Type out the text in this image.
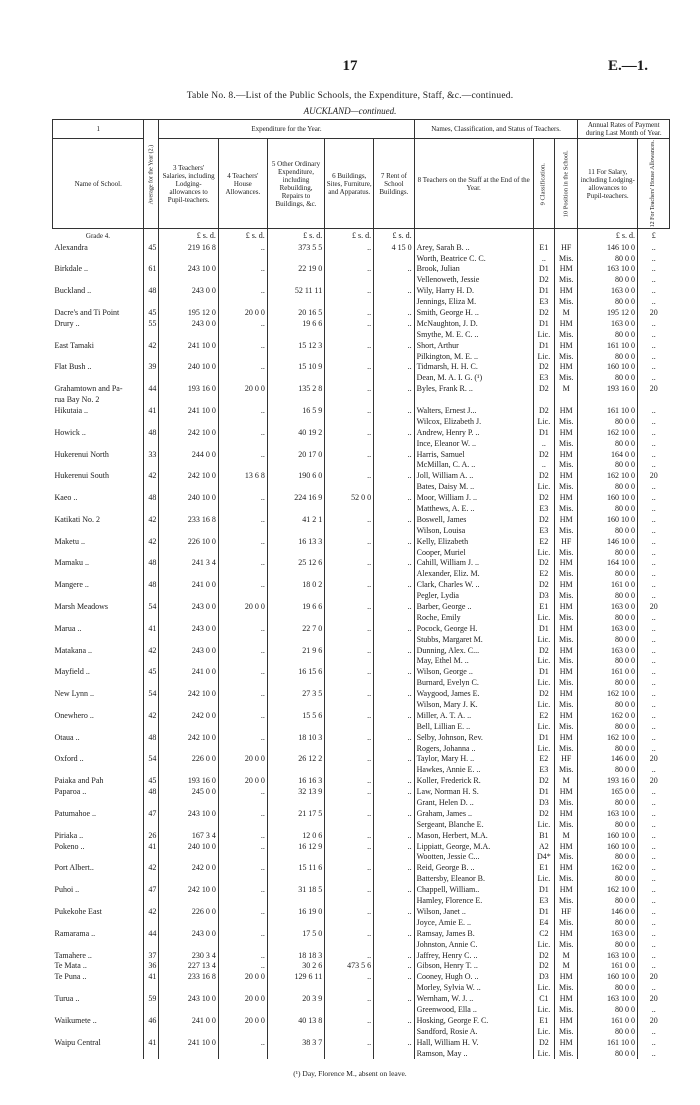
17	E.—1.
Table No. 8.—List of the Public Schools, the Expenditure, Staff, &c.—continued.
AUCKLAND—continued.
1	Average for the Year (2.)	Expenditure for the Year.					Names, Classification, and Status of Teachers.			Annual Rates of Payment during Last Month of Year.	
Name of School.		3 Teachers' Salaries, including Lodging-allowances to Pupil-teachers.	4 Teachers' House Allowances.	5 Other Ordinary Expenditure, including Rebuilding, Repairs to Buildings, &c.	6 Buildings, Sites, Furniture, and Apparatus.	7 Rent of School Buildings.	8 Teachers on the Staff at the End of the Year.	9 Classification.	10 Position in the School.	11 For Salary, including Lodging-allowances to Pupil-teachers.	12 For Teachers' House Allowances.
Grade 4.		£ s. d.	£ s. d.	£ s. d.	£ s. d.	£ s. d.				£ s. d.	£
Alexandra	45	219 16 8	..	373 5 5	..	4 15 0	Arey, Sarah B. ..	E1	HF	146 10 0	..
							Worth, Beatrice C. C.	..	Mis.	80 0 0	..
Birkdale ..	61	243 10 0	..	22 19 0	..	..	Brook, Julian	D1	HM	163 10 0	..
							Vellenoweth, Jessie	D2	Mis.	80 0 0	..
Buckland ..	48	243 0 0	..	52 11 11	..	..	Wily, Harry H. D.	D1	HM	163 0 0	..
							Jennings, Eliza M.	E3	Mis.	80 0 0	..
Dacre's and Ti Point	45	195 12 0	20 0 0	20 16 5	..	..	Smith, George H. ..	D2	M	195 12 0	20
Drury ..	55	243 0 0	..	19 6 6	..	..	McNaughton, J. D.	D1	HM	163 0 0	..
							Smythe, M. E. C. ..	Lic.	Mis.	80 0 0	..
East Tamaki	42	241 10 0	..	15 12 3	..	..	Short, Arthur	D1	HM	161 10 0	..
							Pilkington, M. E. ..	Lic.	Mis.	80 0 0	..
Flat Bush ..	39	240 10 0	..	15 10 9	..	..	Tidmarsh, H. H. C.	D2	HM	160 10 0	..
							Dean, M. A. I. G. (¹)	E3	Mis.	80 0 0	..
Grahamtown and Pa-	44	193 16 0	20 0 0	135 2 8	..	..	Byles, Frank R. ..	D2	M	193 16 0	20
rua Bay No. 2											
Hikutaia ..	41	241 10 0	..	16 5 9	..	..	Walters, Ernest J...	D2	HM	161 10 0	..
							Wilcox, Elizabeth J.	Lic.	Mis.	80 0 0	..
Howick ..	48	242 10 0	..	40 19 2	..	..	Andrew, Henry P. ..	D1	HM	162 10 0	..
							Ince, Eleanor W. ..	..	Mis.	80 0 0	..
Hukerenui North	33	244 0 0	..	20 17 0	..	..	Harris, Samuel	D2	HM	164 0 0	..
							McMillan, C. A. ..	..	Mis.	80 0 0	..
Hukerenui South	42	242 10 0	13 6 8	190 6 0	..	..	Joll, William A. ..	D2	HM	162 10 0	20
							Bates, Daisy M. ..	Lic.	Mis.	80 0 0	..
Kaeo ..	48	240 10 0	..	224 16 9	52 0 0	..	Moor, William J. ..	D2	HM	160 10 0	..
							Matthews, A. E. ..	E3	Mis.	80 0 0	..
Katikati No. 2	42	233 16 8	..	41 2 1	..	..	Boswell, James	D2	HM	160 10 0	..
							Wilson, Louisa	E3	Mis.	80 0 0	..
Maketu ..	42	226 10 0	..	16 13 3	..	..	Kelly, Elizabeth	E2	HF	146 10 0	..
							Cooper, Muriel	Lic.	Mis.	80 0 0	..
Mamaku ..	48	241 3 4	..	25 12 6	..	..	Cahill, William J. ..	D2	HM	164 10 0	..
							Alexander, Eliz. M.	E2	Mis.	80 0 0	..
Mangere ..	48	241 0 0	..	18 0 2	..	..	Clark, Charles W. ..	D2	HM	161 0 0	..
							Pegler, Lydia	D3	Mis.	80 0 0	..
Marsh Meadows	54	243 0 0	20 0 0	19 6 6	..	..	Barber, George ..	E1	HM	163 0 0	20
							Roche, Emily	Lic.	Mis.	80 0 0	..
Marua ..	41	243 0 0	..	22 7 0	..	..	Pocock, George H.	D1	HM	163 0 0	..
							Stubbs, Margaret M.	Lic.	Mis.	80 0 0	..
Matakana ..	42	243 0 0	..	21 9 6	..	..	Dunning, Alex. C...	D2	HM	163 0 0	..
							May, Ethel M. ..	Lic.	Mis.	80 0 0	..
Mayfield ..	45	241 0 0	..	16 15 6	..	..	Wilson, George ..	D1	HM	161 0 0	..
							Burnard, Evelyn C.	Lic.	Mis.	80 0 0	..
New Lynn ..	54	242 10 0	..	27 3 5	..	..	Waygood, James E.	D2	HM	162 10 0	..
							Wilson, Mary J. K.	Lic.	Mis.	80 0 0	..
Onewhero ..	42	242 0 0	..	15 5 6	..	..	Miller, A. T. A. ..	E2	HM	162 0 0	..
							Bell, Lillian E. ..	Lic.	Mis.	80 0 0	..
Otaua ..	48	242 10 0	..	18 10 3	..	..	Selby, Johnson, Rev.	D1	HM	162 10 0	..
							Rogers, Johanna ..	Lic.	Mis.	80 0 0	..
Oxford ..	54	226 0 0	20 0 0	26 12 2	..	..	Taylor, Mary H. ..	E2	HF	146 0 0	20
							Hawkes, Annie E. ..	E3	Mis.	80 0 0	..
Paiaka and Pah	45	193 16 0	20 0 0	16 16 3	..	..	Koller, Frederick R.	D2	M	193 16 0	20
Paparoa ..	48	245 0 0	..	32 13 9	..	..	Law, Norman H. S.	D1	HM	165 0 0	..
							Grant, Helen D. ..	D3	Mis.	80 0 0	..
Patumahoe ..	47	243 10 0	..	21 17 5	..	..	Graham, James ..	D2	HM	163 10 0	..
							Sergeant, Blanche E.	Lic.	Mis.	80 0 0	..
Piriaka ..	26	167 3 4	..	12 0 6	..	..	Mason, Herbert, M.A.	B1	M	160 10 0	..
Pokeno ..	41	240 10 0	..	16 12 9	..	..	Lippiatt, George, M.A.	A2	HM	160 10 0	..
							Wootten, Jessie C...	D4*	Mis.	80 0 0	..
Port Albert..	42	242 0 0	..	15 11 6	..	..	Reid, George B. ..	E1	HM	162 0 0	..
							Battersby, Eleanor B.	Lic.	Mis.	80 0 0	..
Puhoi ..	47	242 10 0	..	31 18 5	..	..	Chappell, William..	D1	HM	162 10 0	..
							Hamley, Florence E.	E3	Mis.	80 0 0	..
Pukekohe East	42	226 0 0	..	16 19 0	..	..	Wilson, Janet ..	D1	HF	146 0 0	..
							Joyce, Amie E. ..	E4	Mis.	80 0 0	..
Ramarama ..	44	243 0 0	..	17 5 0	..	..	Ramsay, James B.	C2	HM	163 0 0	..
							Johnston, Annie C.	Lic.	Mis.	80 0 0	..
Tamahere ..	37	230 3 4	..	18 18 3	..	..	Jaffrey, Henry C. ..	D2	M	163 10 0	..
Te Mata ..	36	227 13 4	..	30 2 6	473 5 6	..	Gibson, Henry T. ..	D2	M	161 0 0	..
Te Puna ..	41	233 16 8	20 0 0	129 6 11	..	..	Cooney, Hugh O. ..	D3	HM	160 10 0	20
							Morley, Sylvia W. ..	Lic.	Mis.	80 0 0	..
Turua ..	59	243 10 0	20 0 0	20 3 9	..	..	Wernham, W. J. ..	C1	HM	163 10 0	20
							Greenwood, Ella ..	Lic.	Mis.	80 0 0	..
Waikumete ..	46	241 0 0	20 0 0	40 13 8	..	..	Hosking, George F. C.	E1	HM	161 0 0	20
							Sandford, Rosie A.	Lic.	Mis.	80 0 0	..
Waipu Central	41	241 10 0	..	38 3 7	..	..	Hall, William H. V.	D2	HM	161 10 0	..
							Ramson, May ..	Lic.	Mis.	80 0 0	..
(¹) Day, Florence M., absent on leave.
